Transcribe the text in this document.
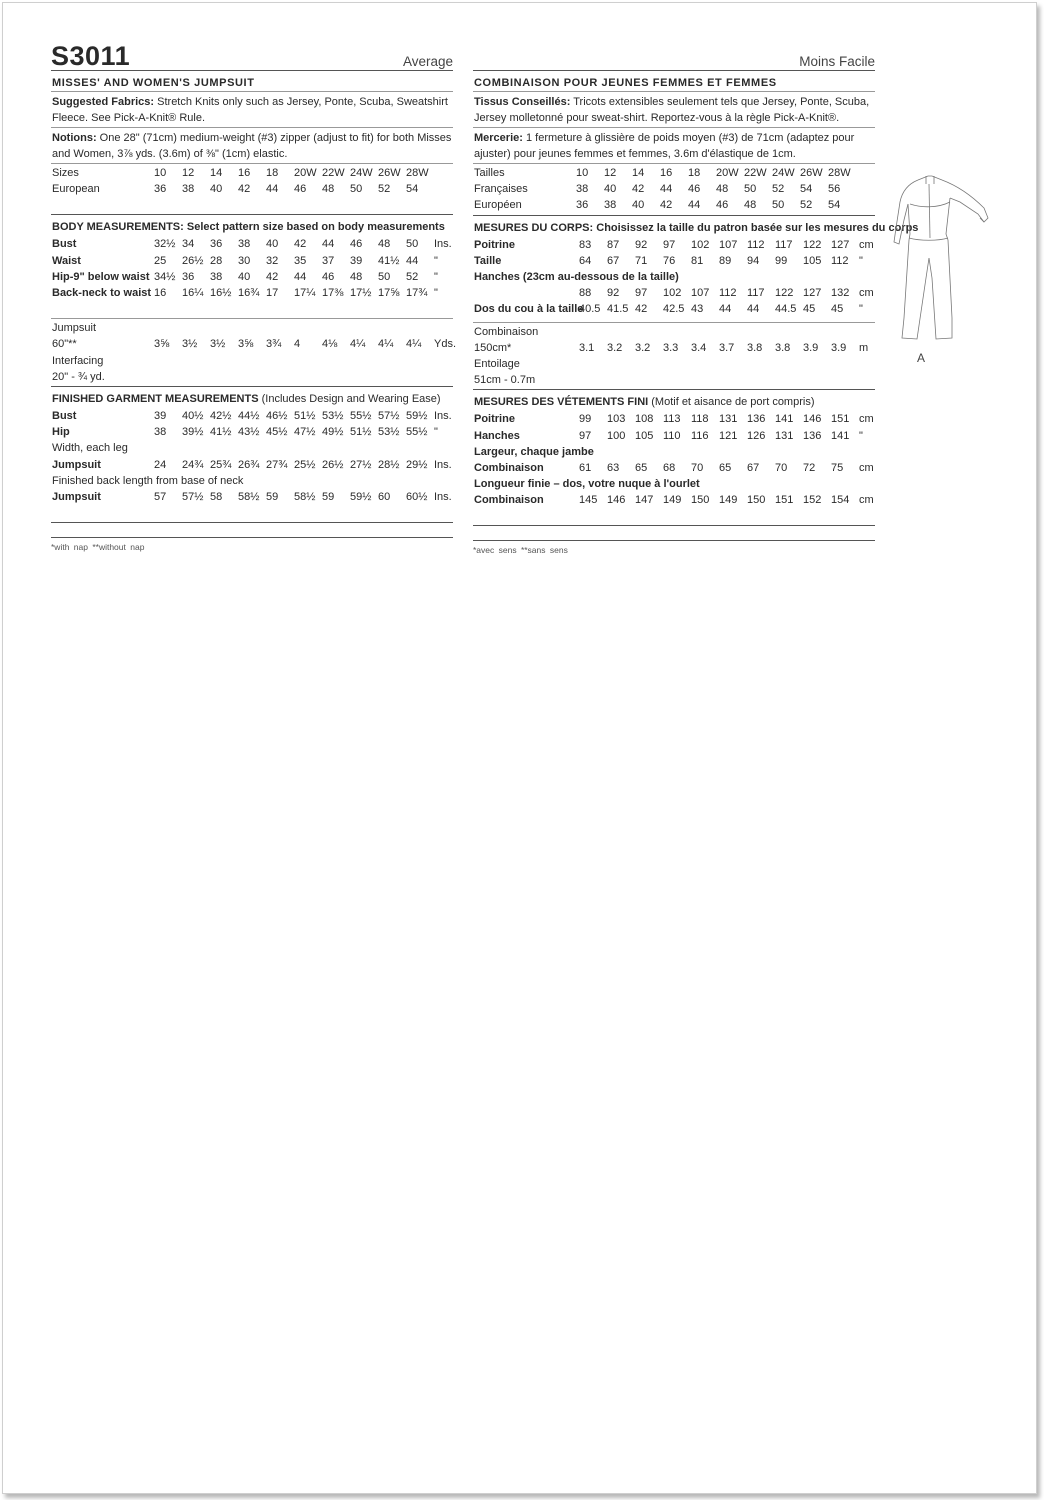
S3011	Average
MISSES' AND WOMEN'S JUMPSUIT
Suggested Fabrics: Stretch Knits only such as Jersey, Ponte, Scuba, Sweatshirt Fleece. See Pick-A-Knit® Rule.
Notions: One 28" (71cm) medium-weight (#3) zipper (adjust to fit) for both Misses and Women, 3⅞ yds. (3.6m) of ⅜" (1cm) elastic.
Sizes	10	12	14	16	18	20W 22W 24W 26W 28W
European	36	38	40	42	44	46	48	50	52	54
BODY MEASUREMENTS: Select pattern size based on body measurements
Bust	32½ 34	36	38	40	42	44	46	48	50	Ins.
Waist	25	26½ 28	30	32	35	37	39	41½ 44	"
Hip-9" below waist 34½ 36	38	40	42	44	46	48	50	52	"
Back-neck to waist 16	16¼ 16½ 16¾ 17	17¼ 17⅜ 17½ 17⅝ 17¾ "
Jumpsuit
60"**	3⅝	3½	3½	3⅝	3¾	4	4⅛	4¼	4¼	4¼	Yds.
Interfacing
20" - ¾ yd.
FINISHED GARMENT MEASUREMENTS (Includes Design and Wearing Ease)
Bust	39	40½ 42½ 44½ 46½ 51½ 53½ 55½ 57½ 59½ Ins.
Hip	38	39½ 41½ 43½ 45½ 47½ 49½ 51½ 53½ 55½ "
Width, each leg
Jumpsuit	24	24¾ 25¾ 26¾ 27¾ 25½ 26½ 27½ 28½ 29½ Ins.
Finished back length from base of neck
Jumpsuit	57	57½ 58	58½ 59	58½ 59	59½ 60	60½ Ins.
*with nap **without nap
Moins Facile
COMBINAISON POUR JEUNES FEMMES ET FEMMES
Tissus Conseillés: Tricots extensibles seulement tels que Jersey, Ponte, Scuba, Jersey molletonné pour sweat-shirt. Reportez-vous à la règle Pick-A-Knit®.
Mercerie: 1 fermeture à glissière de poids moyen (#3) de 71cm (adaptez pour ajuster) pour jeunes femmes et femmes, 3.6m d'élastique de 1cm.
Tailles	10	12	14	16	18	20W 22W 24W 26W 28W
Françaises	38	40	42	44	46	48	50	52	54	56
Européen	36	38	40	42	44	46	48	50	52	54
MESURES DU CORPS: Choisissez la taille du patron basée sur les mesures du corps
Poitrine	83	87	92	97	102 107 112 117 122 127 cm
Taille	64	67	71	76	81	89	94	99	105 112 "
Hanches (23cm au-dessous de la taille)
88	92	97	102 107 112 117 122 127 132 cm
Dos du cou à la taille
40.5 41.5 42	42.5 43	44	44	44.5 45	45	"
Combinaison
150cm*	3.1	3.2	3.2	3.3	3.4	3.7	3.8	3.8	3.9	3.9	m
Entoilage
51cm - 0.7m
MESURES DES VÉTEMENTS FINI (Motif et aisance de port compris)
Poitrine	99	103 108 113 118 131 136 141 146 151 cm
Hanches	97	100 105 110 116 121 126 131 136 141 "
Largeur, chaque jambe
Combinaison	61	63	65	68	70	65	67	70	72	75	cm
Longueur finie – dos, votre nuque à l'ourlet
Combinaison	145 146 147 149 150 149 150 151 152 154 cm
*avec sens **sans sens
A
